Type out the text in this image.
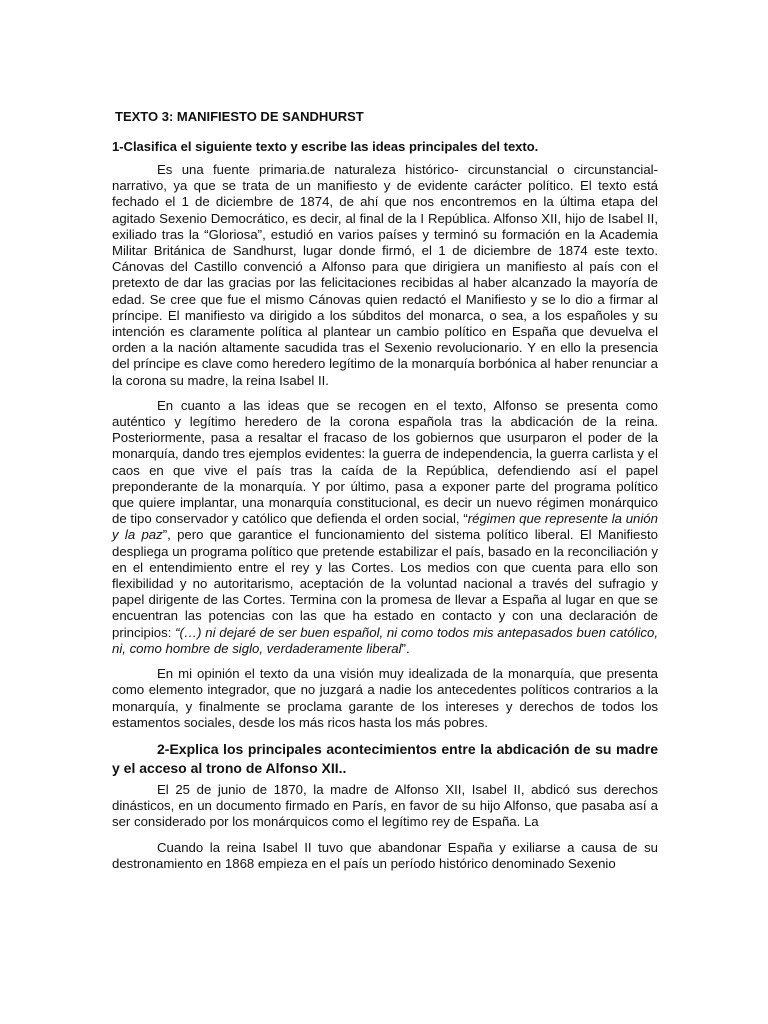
TEXTO 3: MANIFIESTO DE SANDHURST
1-Clasifica el siguiente texto y escribe las ideas principales del texto.

Es una fuente primaria.de naturaleza histórico- circunstancial o circunstancial-narrativo, ya que se trata de un manifiesto y de evidente carácter político. El texto está fechado el 1 de diciembre de 1874, de ahí que nos encontremos en la última etapa del agitado Sexenio Democrático, es decir, al final de la I República. Alfonso XII, hijo de Isabel II, exiliado tras la “Gloriosa”, estudió en varios países y terminó su formación en la Academia Militar Británica de Sandhurst, lugar donde firmó, el 1 de diciembre de 1874 este texto. Cánovas del Castillo convenció a Alfonso para que dirigiera un manifiesto al país con el pretexto de dar las gracias por las felicitaciones recibidas al haber alcanzado la mayoría de edad. Se cree que fue el mismo Cánovas quien redactó el Manifiesto y se lo dio a firmar al príncipe. El manifiesto va dirigido a los súbditos del monarca, o sea, a los españoles y su intención es claramente política al plantear un cambio político en España que devuelva el orden a la nación altamente sacudida tras el Sexenio revolucionario. Y en ello la presencia del príncipe es clave como heredero legítimo de la monarquía borbónica al haber renunciar a la corona su madre, la reina Isabel II.

En cuanto a las ideas que se recogen en el texto, Alfonso se presenta como auténtico y legítimo heredero de la corona española tras la abdicación de la reina. Posteriormente, pasa a resaltar el fracaso de los gobiernos que usurparon el poder de la monarquía, dando tres ejemplos evidentes: la guerra de independencia, la guerra carlista y el caos en que vive el país tras la caída de la República, defendiendo así el papel preponderante de la monarquía. Y por último, pasa a exponer parte del programa político que quiere implantar, una monarquía constitucional, es decir un nuevo régimen monárquico de tipo conservador y católico que defienda el orden social, “régimen que represente la unión y la paz”, pero que garantice el funcionamiento del sistema político liberal. El Manifiesto despliega un programa político que pretende estabilizar el país, basado en la reconciliación y en el entendimiento entre el rey y las Cortes. Los medios con que cuenta para ello son flexibilidad y no autoritarismo, aceptación de la voluntad nacional a través del sufragio y papel dirigente de las Cortes. Termina con la promesa de llevar a España al lugar en que se encuentran las potencias con las que ha estado en contacto y con una declaración de principios: “(…) ni dejaré de ser buen español, ni como todos mis antepasados buen católico, ni, como hombre de siglo, verdaderamente liberal”.

En mi opinión el texto da una visión muy idealizada de la monarquía, que presenta como elemento integrador, que no juzgará a nadie los antecedentes políticos contrarios a la monarquía, y finalmente se proclama garante de los intereses y derechos de todos los estamentos sociales, desde los más ricos hasta los más pobres.

2-Explica los principales acontecimientos entre la abdicación de su madre y el acceso al trono de Alfonso XII..

El 25 de junio de 1870, la madre de Alfonso XII, Isabel II, abdicó sus derechos dinásticos, en un documento firmado en París, en favor de su hijo Alfonso, que pasaba así a ser considerado por los monárquicos como el legítimo rey de España. La

Cuando la reina Isabel II tuvo que abandonar España y exiliarse a causa de su destronamiento en 1868 empieza en el país un período histórico denominado Sexenio
